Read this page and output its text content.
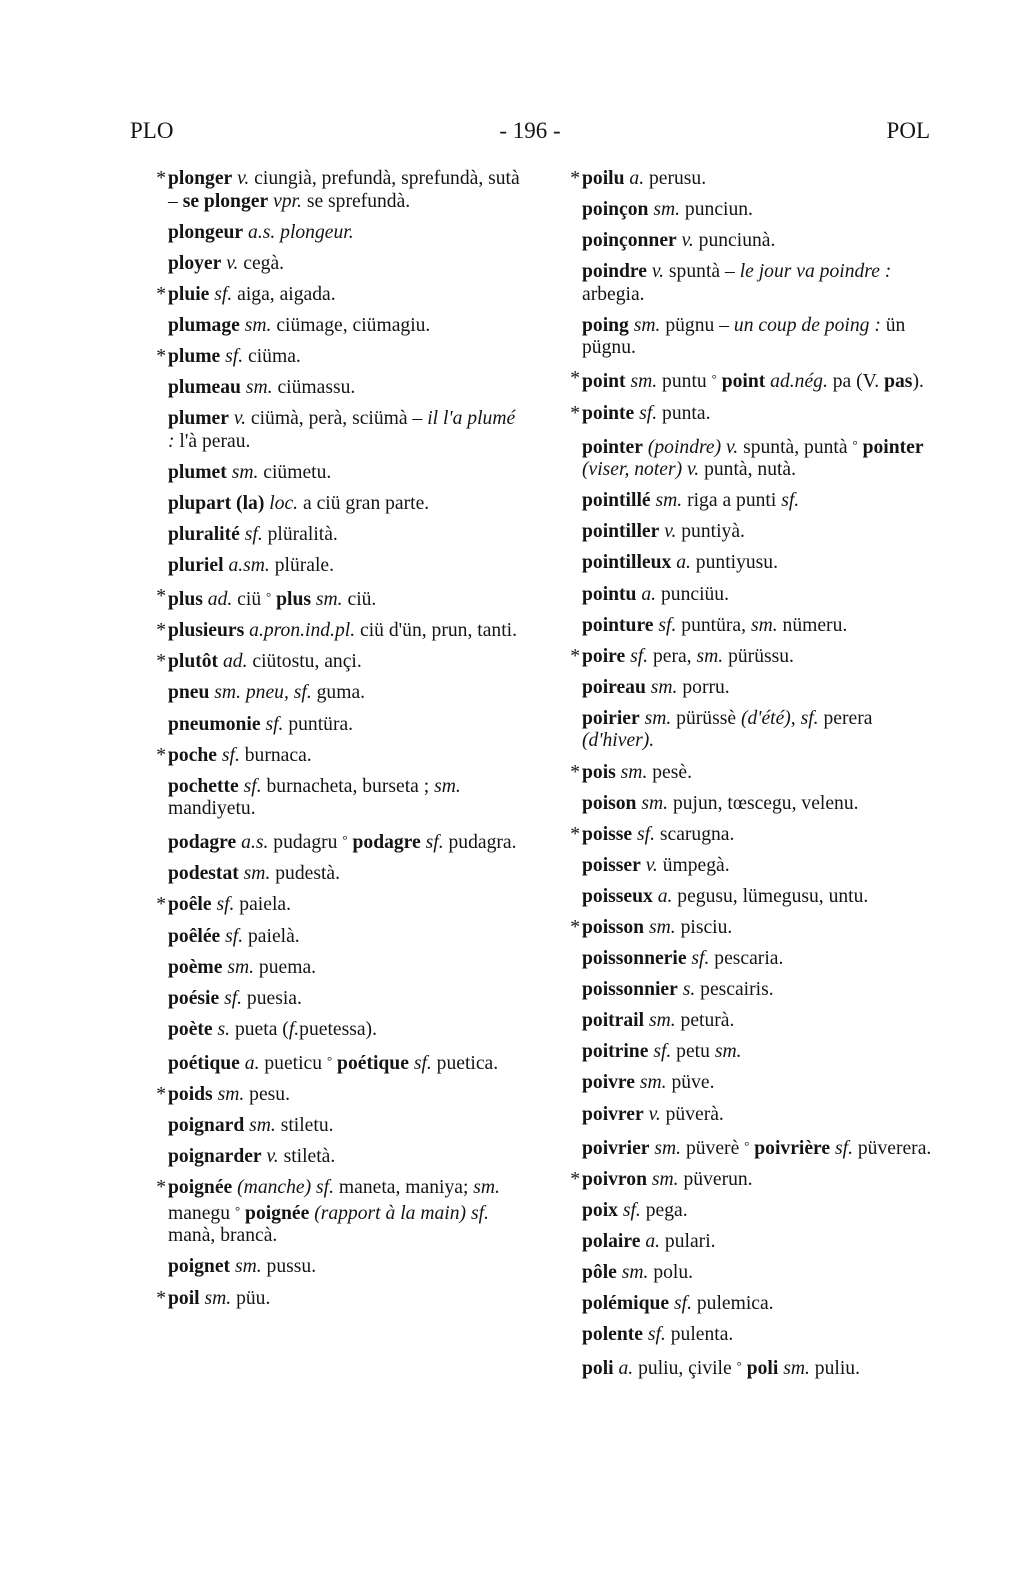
PLO	- 196 -	POL

* plonger v. ciungià, prefundà, sprefundà, sutà – se plonger vpr. se sprefundà.

plongeur a.s. plongeur.

ployer v. cegà.

* pluie sf. aiga, aigada.

plumage sm. ciümage, ciümagiu.

* plume sf. ciüma.

plumeau sm. ciümassu.

plumer v. ciümà, perà, sciümà – il l'a plumé : l'à perau.

plumet sm. ciümetu.

plupart (la) loc. a ciü gran parte.

pluralité sf. plüralità.

pluriel a.sm. plürale.

* plus ad. ciü ° plus sm. ciü.

* plusieurs a.pron.ind.pl. ciü d'ün, prun, tanti.

* plutôt ad. ciütostu, ançi.

pneu sm. pneu, sf. guma.

pneumonie sf. puntüra.

* poche sf. burnaca.

pochette sf. burnacheta, burseta ; sm. mandiyetu.

podagre a.s. pudagru ° podagre sf. pudagra.

podestat sm. pudestà.

* poêle sf. paiela.

poêlée sf. paielà.

poème sm. puema.

poésie sf. puesia.

poète s. pueta (f.puetessa).

poétique a. pueticu ° poétique sf. puetica.

* poids sm. pesu.

poignard sm. stiletu.

poignarder v. stiletà.

* poignée (manche) sf. maneta, maniya; sm. manegu ° poignée (rapport à la main) sf. manà, brancà.

poignet sm. pussu.

* poil sm. püu.

* poilu a. perusu.

poinçon sm. punciun.

poinçonner v. punciunà.

poindre v. spuntà – le jour va poindre : arbegia.

poing sm. pügnu – un coup de poing : ün pügnu.

* point sm. puntu ° point ad.nég. pa (V. pas).

* pointe sf. punta.

pointer (poindre) v. spuntà, puntà ° pointer (viser, noter) v. puntà, nutà.

pointillé sm. riga a punti sf.

pointiller v. puntiyà.

pointilleux a. puntiyusu.

pointu a. punciüu.

pointure sf. puntüra, sm. nümeru.

* poire sf. pera, sm. pürüssu.

poireau sm. porru.

poirier sm. pürüssè (d'été), sf. perera (d'hiver).

* pois sm. pesè.

poison sm. pujun, tœscegu, velenu.

* poisse sf. scarugna.

poisser v. ümpegà.

poisseux a. pegusu, lümegusu, untu.

* poisson sm. pisciu.

poissonnerie sf. pescaria.

poissonnier s. pescairis.

poitrail sm. peturà.

poitrine sf. petu sm.

poivre sm. püve.

poivrer v. püverà.

poivrier sm. püverè ° poivrière sf. püverera.

* poivron sm. püverun.

poix sf. pega.

polaire a. pulari.

pôle sm. polu.

polémique sf. pulemica.

polente sf. pulenta.

poli a. puliu, çivile ° poli sm. puliu.
